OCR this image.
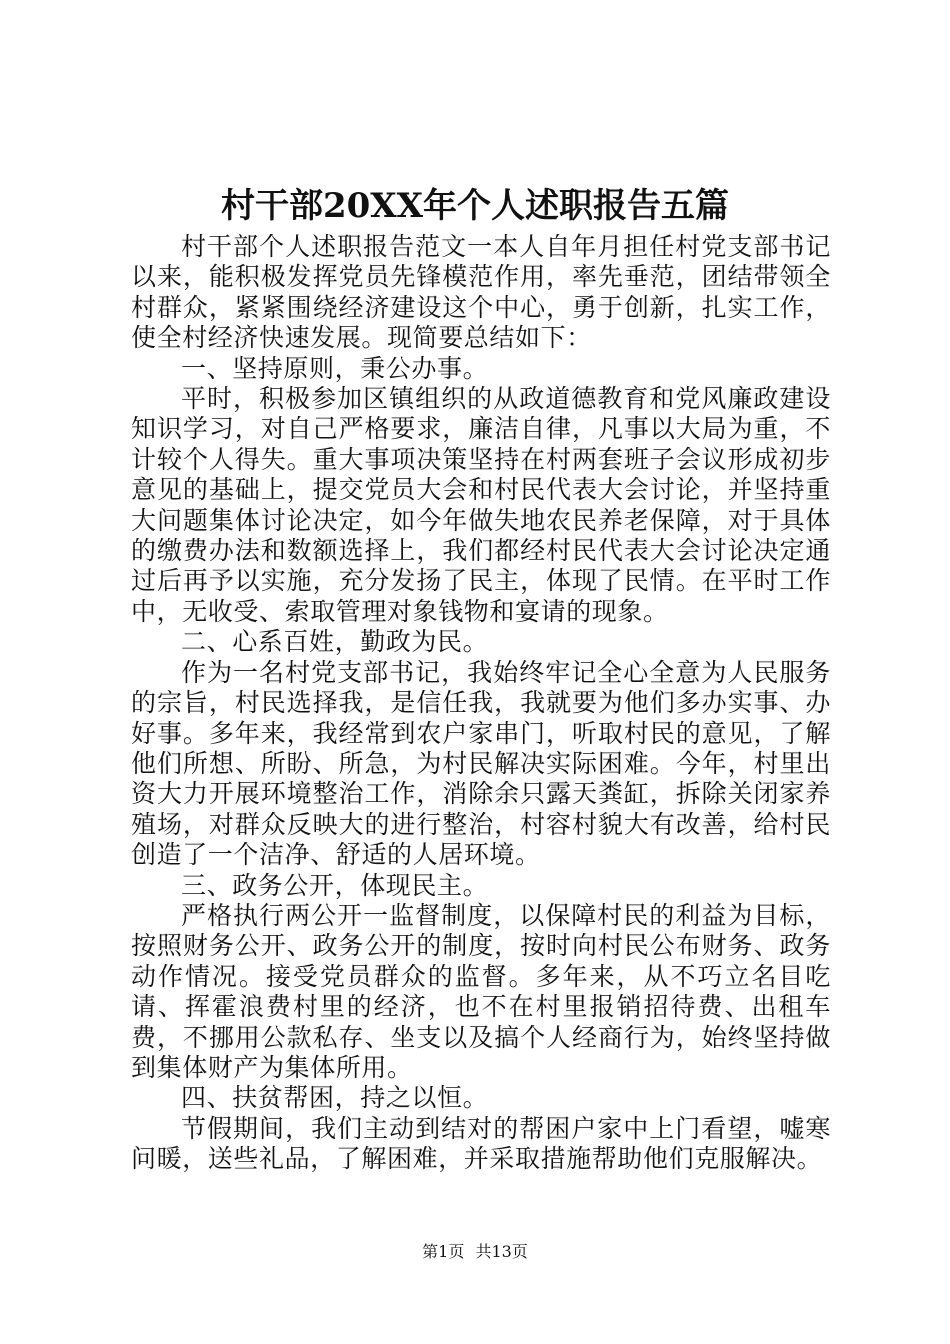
村干部20XX年个人述职报告五篇

村干部个人述职报告范文一本人自年月担任村党支部书记以来，能积极发挥党员先锋模范作用，率先垂范，团结带领全村群众，紧紧围绕经济建设这个中心，勇于创新，扎实工作，使全村经济快速发展。现简要总结如下：

一、坚持原则，秉公办事。

平时，积极参加区镇组织的从政道德教育和党风廉政建设知识学习，对自己严格要求，廉洁自律，凡事以大局为重，不计较个人得失。重大事项决策坚持在村两套班子会议形成初步意见的基础上，提交党员大会和村民代表大会讨论，并坚持重大问题集体讨论决定，如今年做失地农民养老保障，对于具体的缴费办法和数额选择上，我们都经村民代表大会讨论决定通过后再予以实施，充分发扬了民主，体现了民情。在平时工作中，无收受、索取管理对象钱物和宴请的现象。

二、心系百姓，勤政为民。

作为一名村党支部书记，我始终牢记全心全意为人民服务的宗旨，村民选择我，是信任我，我就要为他们多办实事、办好事。多年来，我经常到农户家串门，听取村民的意见，了解他们所想、所盼、所急，为村民解决实际困难。今年，村里出资大力开展环境整治工作，消除余只露天粪缸，拆除关闭家养殖场，对群众反映大的进行整治，村容村貌大有改善，给村民创造了一个洁净、舒适的人居环境。

三、政务公开，体现民主。

严格执行两公开一监督制度，以保障村民的利益为目标，按照财务公开、政务公开的制度，按时向村民公布财务、政务动作情况。接受党员群众的监督。多年来，从不巧立名目吃请、挥霍浪费村里的经济，也不在村里报销招待费、出租车费，不挪用公款私存、坐支以及搞个人经商行为，始终坚持做到集体财产为集体所用。

四、扶贫帮困，持之以恒。

节假期间，我们主动到结对的帮困户家中上门看望，嘘寒问暖，送些礼品，了解困难，并采取措施帮助他们克服解决。

第1页 共13页
